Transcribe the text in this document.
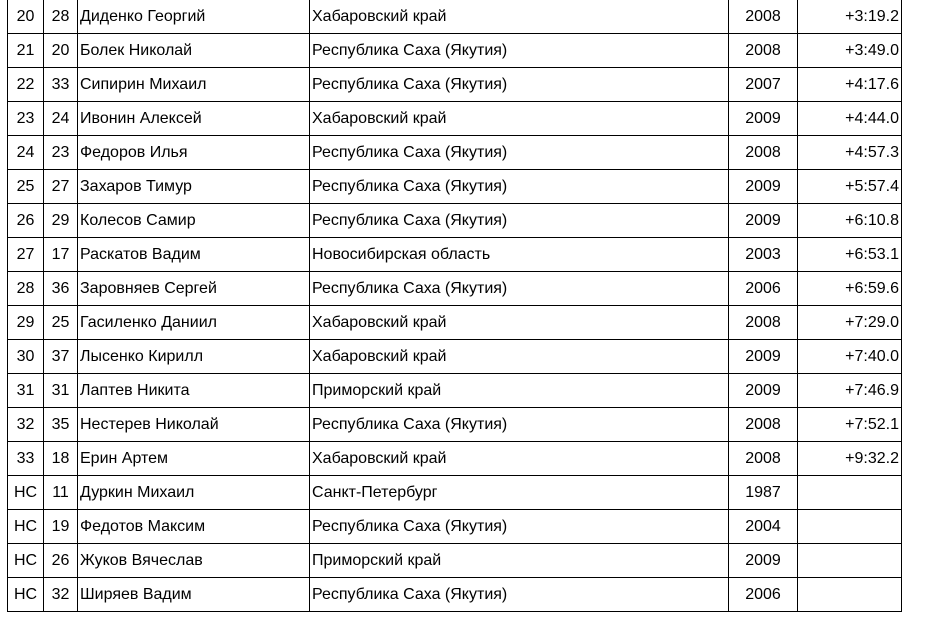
20	28	Диденко Георгий	Хабаровский край	2008	+3:19.2
21	20	Болек Николай	Республика Саха (Якутия)	2008	+3:49.0
22	33	Сипирин Михаил	Республика Саха (Якутия)	2007	+4:17.6
23	24	Ивонин Алексей	Хабаровский край	2009	+4:44.0
24	23	Федоров Илья	Республика Саха (Якутия)	2008	+4:57.3
25	27	Захаров Тимур	Республика Саха (Якутия)	2009	+5:57.4
26	29	Колесов Самир	Республика Саха (Якутия)	2009	+6:10.8
27	17	Раскатов Вадим	Новосибирская область	2003	+6:53.1
28	36	Заровняев Сергей	Республика Саха (Якутия)	2006	+6:59.6
29	25	Гасиленко Даниил	Хабаровский край	2008	+7:29.0
30	37	Лысенко Кирилл	Хабаровский край	2009	+7:40.0
31	31	Лаптев Никита	Приморский край	2009	+7:46.9
32	35	Нестерев Николай	Республика Саха (Якутия)	2008	+7:52.1
33	18	Ерин Артем	Хабаровский край	2008	+9:32.2
НС	11	Дуркин Михаил	Санкт-Петербург	1987	
НС	19	Федотов Максим	Республика Саха (Якутия)	2004	
НС	26	Жуков Вячеслав	Приморский край	2009	
НС	32	Ширяев Вадим	Республика Саха (Якутия)	2006	
